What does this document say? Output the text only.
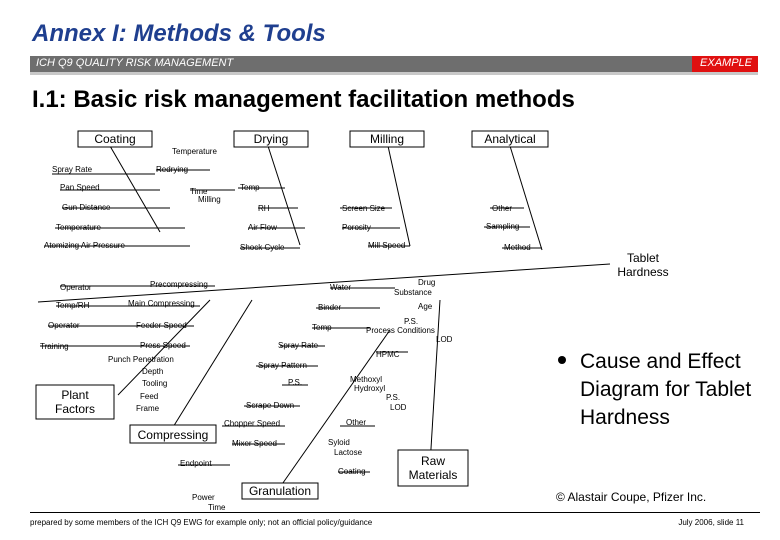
Annex I: Methods & Tools
ICH Q9 QUALITY RISK MANAGEMENT	EXAMPLE
I.1: Basic risk management facilitation methods
Coating	Drying	Milling	Analytical
Plant Factors
Compressing
Granulation
Raw Materials
Tablet Hardness
Temperature
Spray Rate	Redrying
Pan Speed	Time
Milling
Temp
Gun Distance	RH	Screen Size	Other
Temperature	Air Flow	Porosity	Sampling
Atomizing Air Pressure	Shock Cycle	Mill Speed	Method
Operator	Precompressing	Water
Drug Substance
Temp/RH	Main Compressing	Binder	Age
Operator	Feeder Speed	Temp
P.S.
Process Conditions
LOD
Training	Press Speed	Spray Rate
Punch Penetration Depth
HPMC
Spray Pattern
Tooling	Methoxyl Hydroxyl
Feed Frame
P.S.
P.S.
LOD
Scrape Down
Chopper Speed	Other
Mixer Speed	Syloid Lactose
Endpoint
Coating
Power Time
Cause and Effect Diagram for Tablet Hardness
© Alastair Coupe, Pfizer Inc.
prepared by some members of the ICH Q9 EWG for example only; not an official policy/guidance	July 2006, slide 11
